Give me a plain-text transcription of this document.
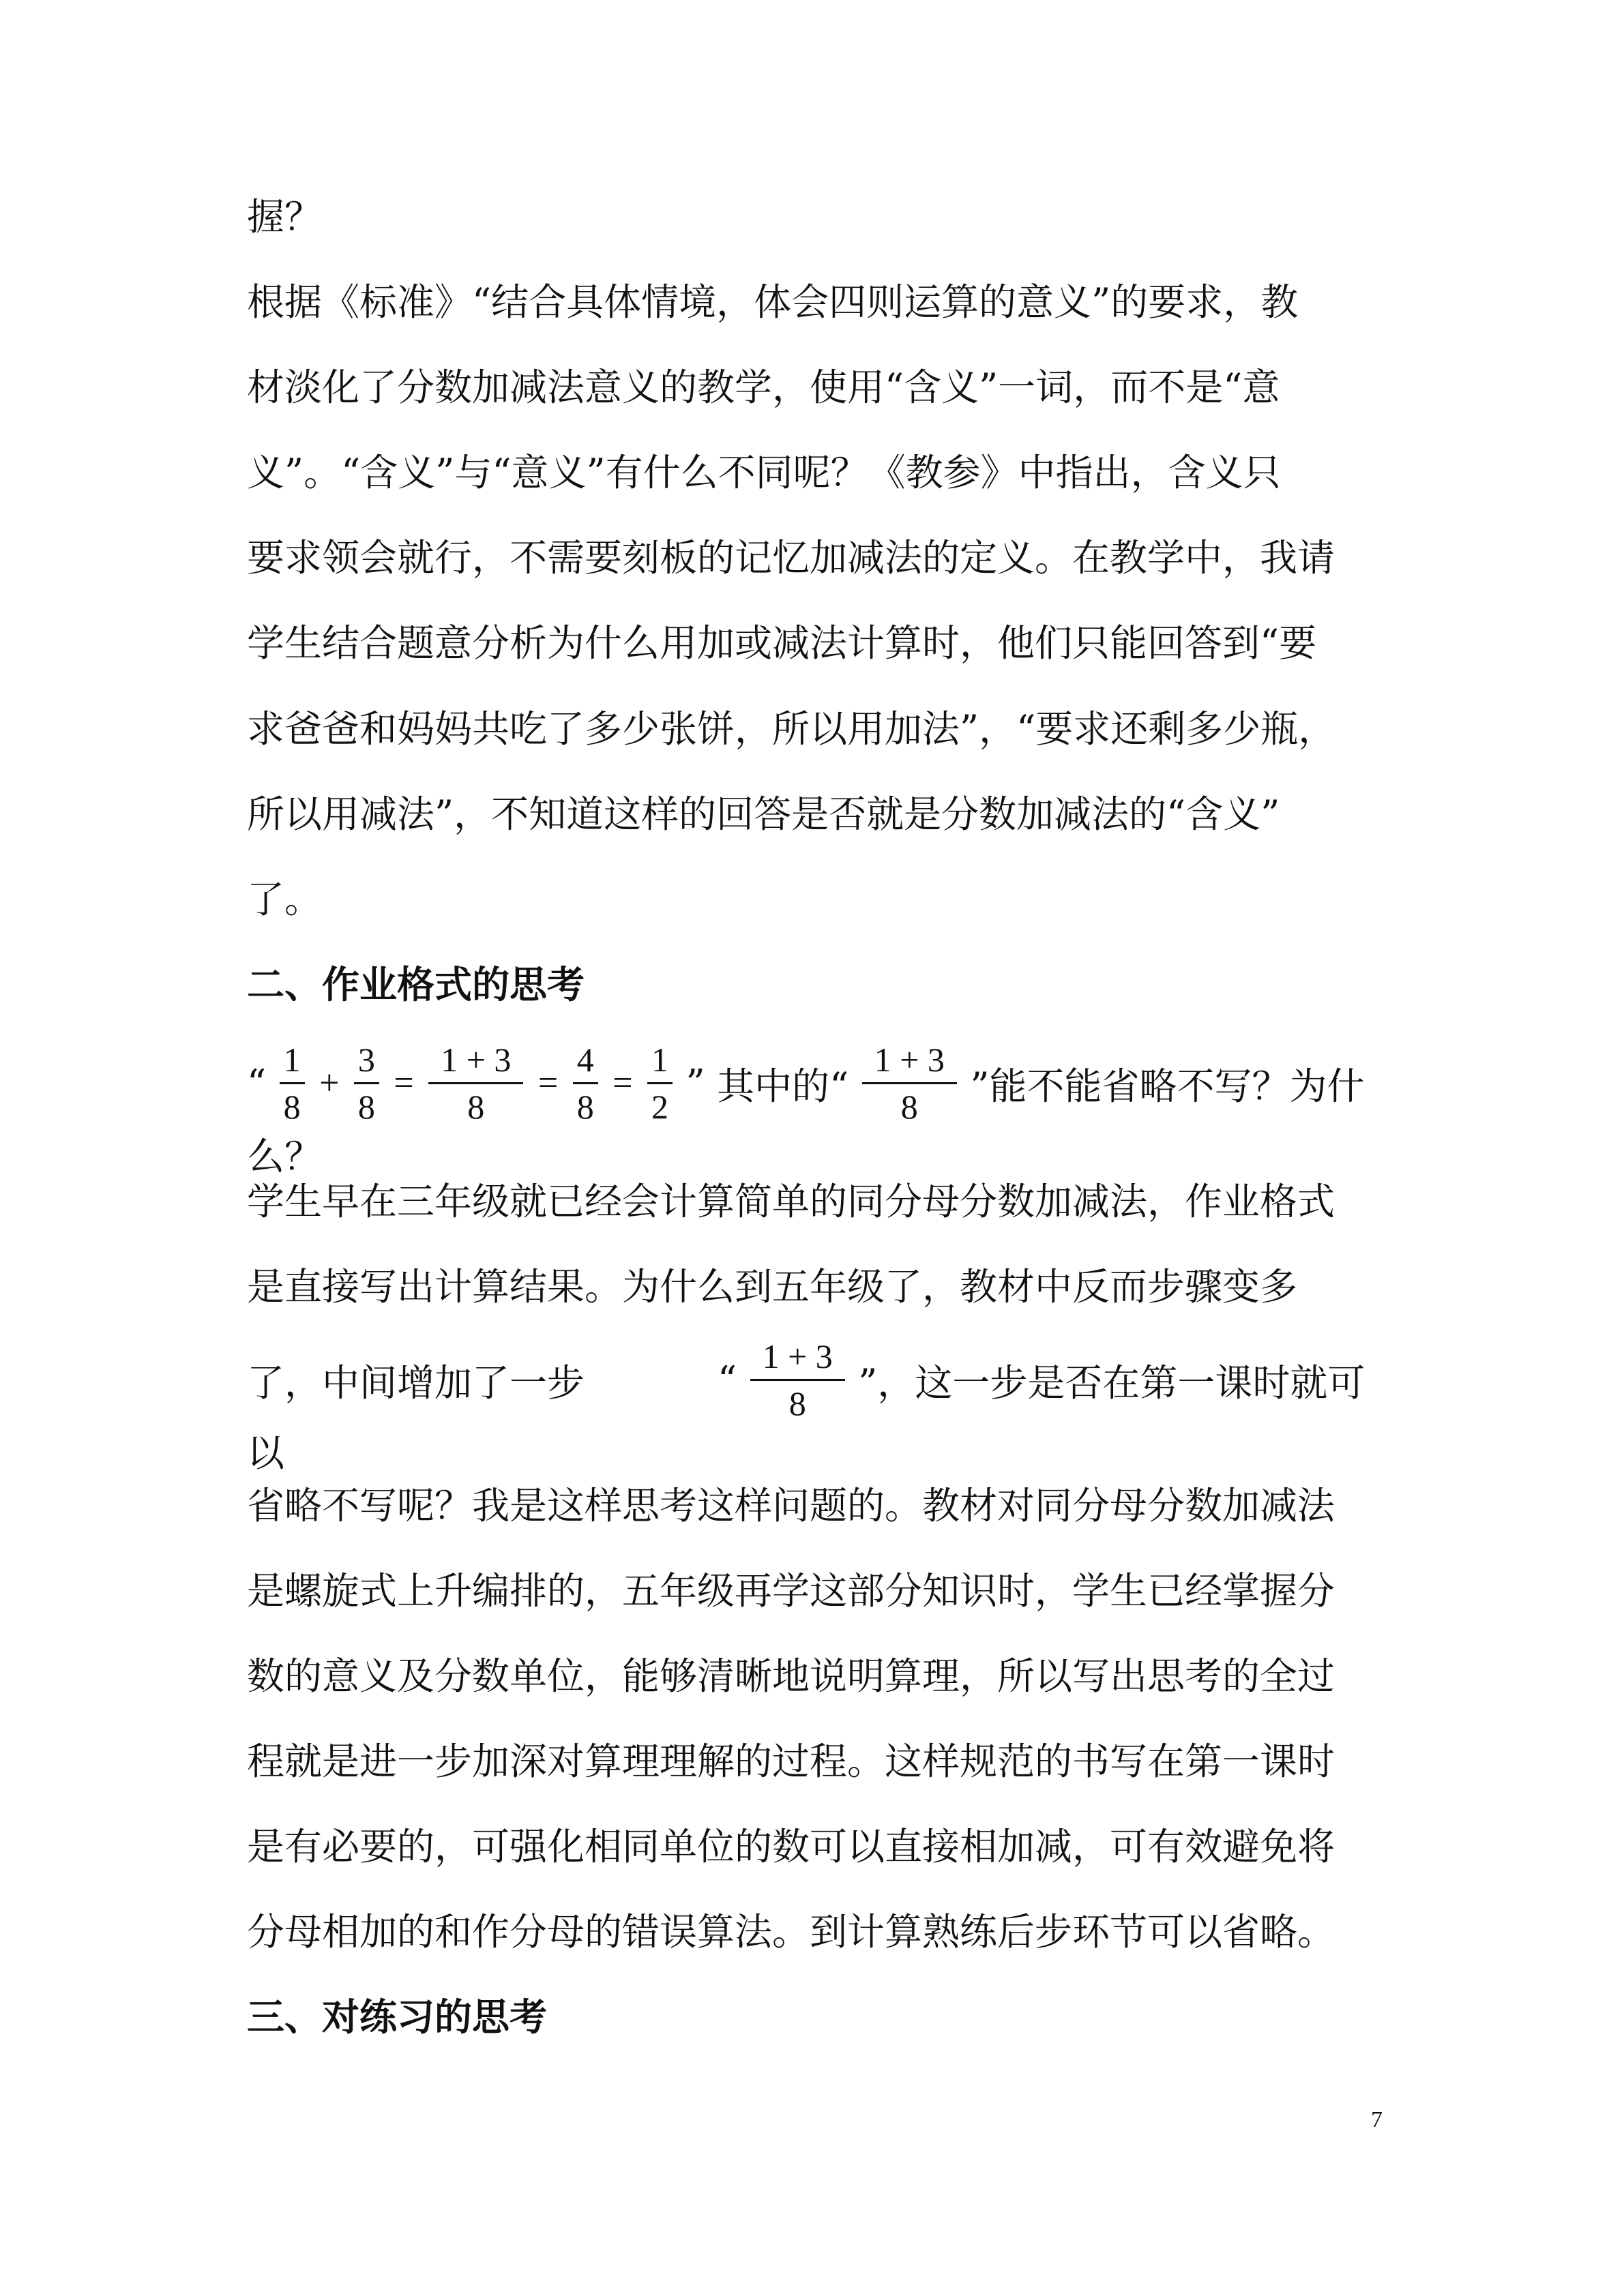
握？
根据《标准》“结合具体情境，体会四则运算的意义”的要求，教
材淡化了分数加减法意义的教学，使用“含义”一词，而不是“意
义”。“含义”与“意义”有什么不同呢？《教参》中指出，含义只
要求领会就行，不需要刻板的记忆加减法的定义。在教学中，我请
学生结合题意分析为什么用加或减法计算时，他们只能回答到“要
求爸爸和妈妈共吃了多少张饼，所以用加法”，“要求还剩多少瓶，
所以用减法”，不知道这样的回答是否就是分数加减法的“含义”
了。
二、作业格式的思考
“ $\frac{1}{8} + \frac{3}{8} = \frac{1 + 3}{8} = \frac{4}{8} = \frac{1}{2}$ ” 其中的“ $\frac{1 + 3}{8}$ ”能不能省略不写？为什么？
学生早在三年级就已经会计算简单的同分母分数加减法，作业格式
是直接写出计算结果。为什么到五年级了，教材中反而步骤变多
了，中间增加了一步	“ $\frac{1 + 3}{8}$ ”，这一步是否在第一课时就可以
省略不写呢？我是这样思考这样问题的。教材对同分母分数加减法
是螺旋式上升编排的，五年级再学这部分知识时，学生已经掌握分
数的意义及分数单位，能够清晰地说明算理，所以写出思考的全过
程就是进一步加深对算理理解的过程。这样规范的书写在第一课时
是有必要的，可强化相同单位的数可以直接相加减，可有效避免将
分母相加的和作分母的错误算法。到计算熟练后步环节可以省略。
三、对练习的思考
7
